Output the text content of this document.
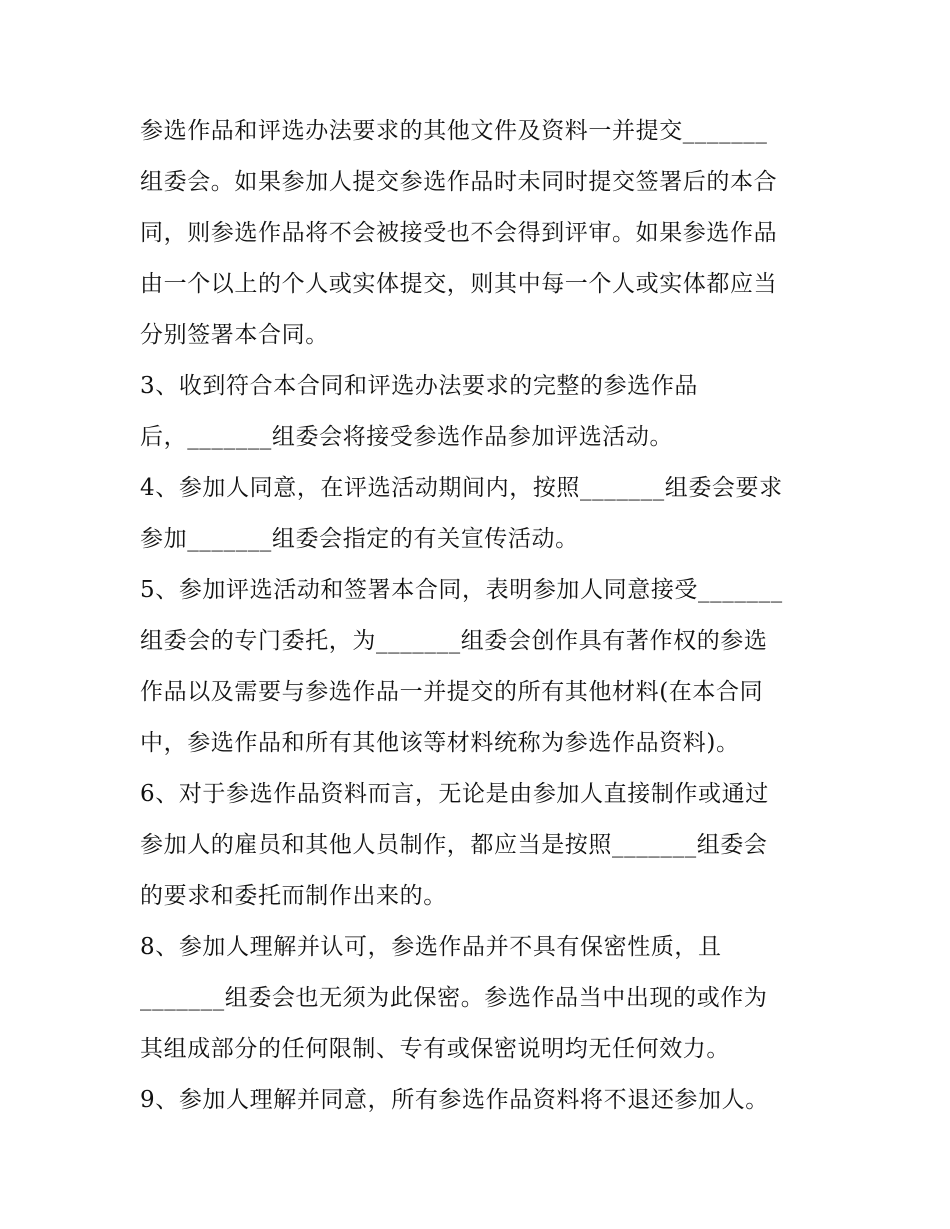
参选作品和评选办法要求的其他文件及资料一并提交_______
组委会。如果参加人提交参选作品时未同时提交签署后的本合
同，则参选作品将不会被接受也不会得到评审。如果参选作品
由一个以上的个人或实体提交，则其中每一个人或实体都应当
分别签署本合同。
3、收到符合本合同和评选办法要求的完整的参选作品
后，_______组委会将接受参选作品参加评选活动。
4、参加人同意，在评选活动期间内，按照_______组委会要求
参加_______组委会指定的有关宣传活动。
5、参加评选活动和签署本合同，表明参加人同意接受_______
组委会的专门委托，为_______组委会创作具有著作权的参选
作品以及需要与参选作品一并提交的所有其他材料(在本合同
中，参选作品和所有其他该等材料统称为参选作品资料)。
6、对于参选作品资料而言，无论是由参加人直接制作或通过
参加人的雇员和其他人员制作，都应当是按照_______组委会
的要求和委托而制作出来的。
8、参加人理解并认可，参选作品并不具有保密性质，且
_______组委会也无须为此保密。参选作品当中出现的或作为
其组成部分的任何限制、专有或保密说明均无任何效力。
9、参加人理解并同意，所有参选作品资料将不退还参加人。
